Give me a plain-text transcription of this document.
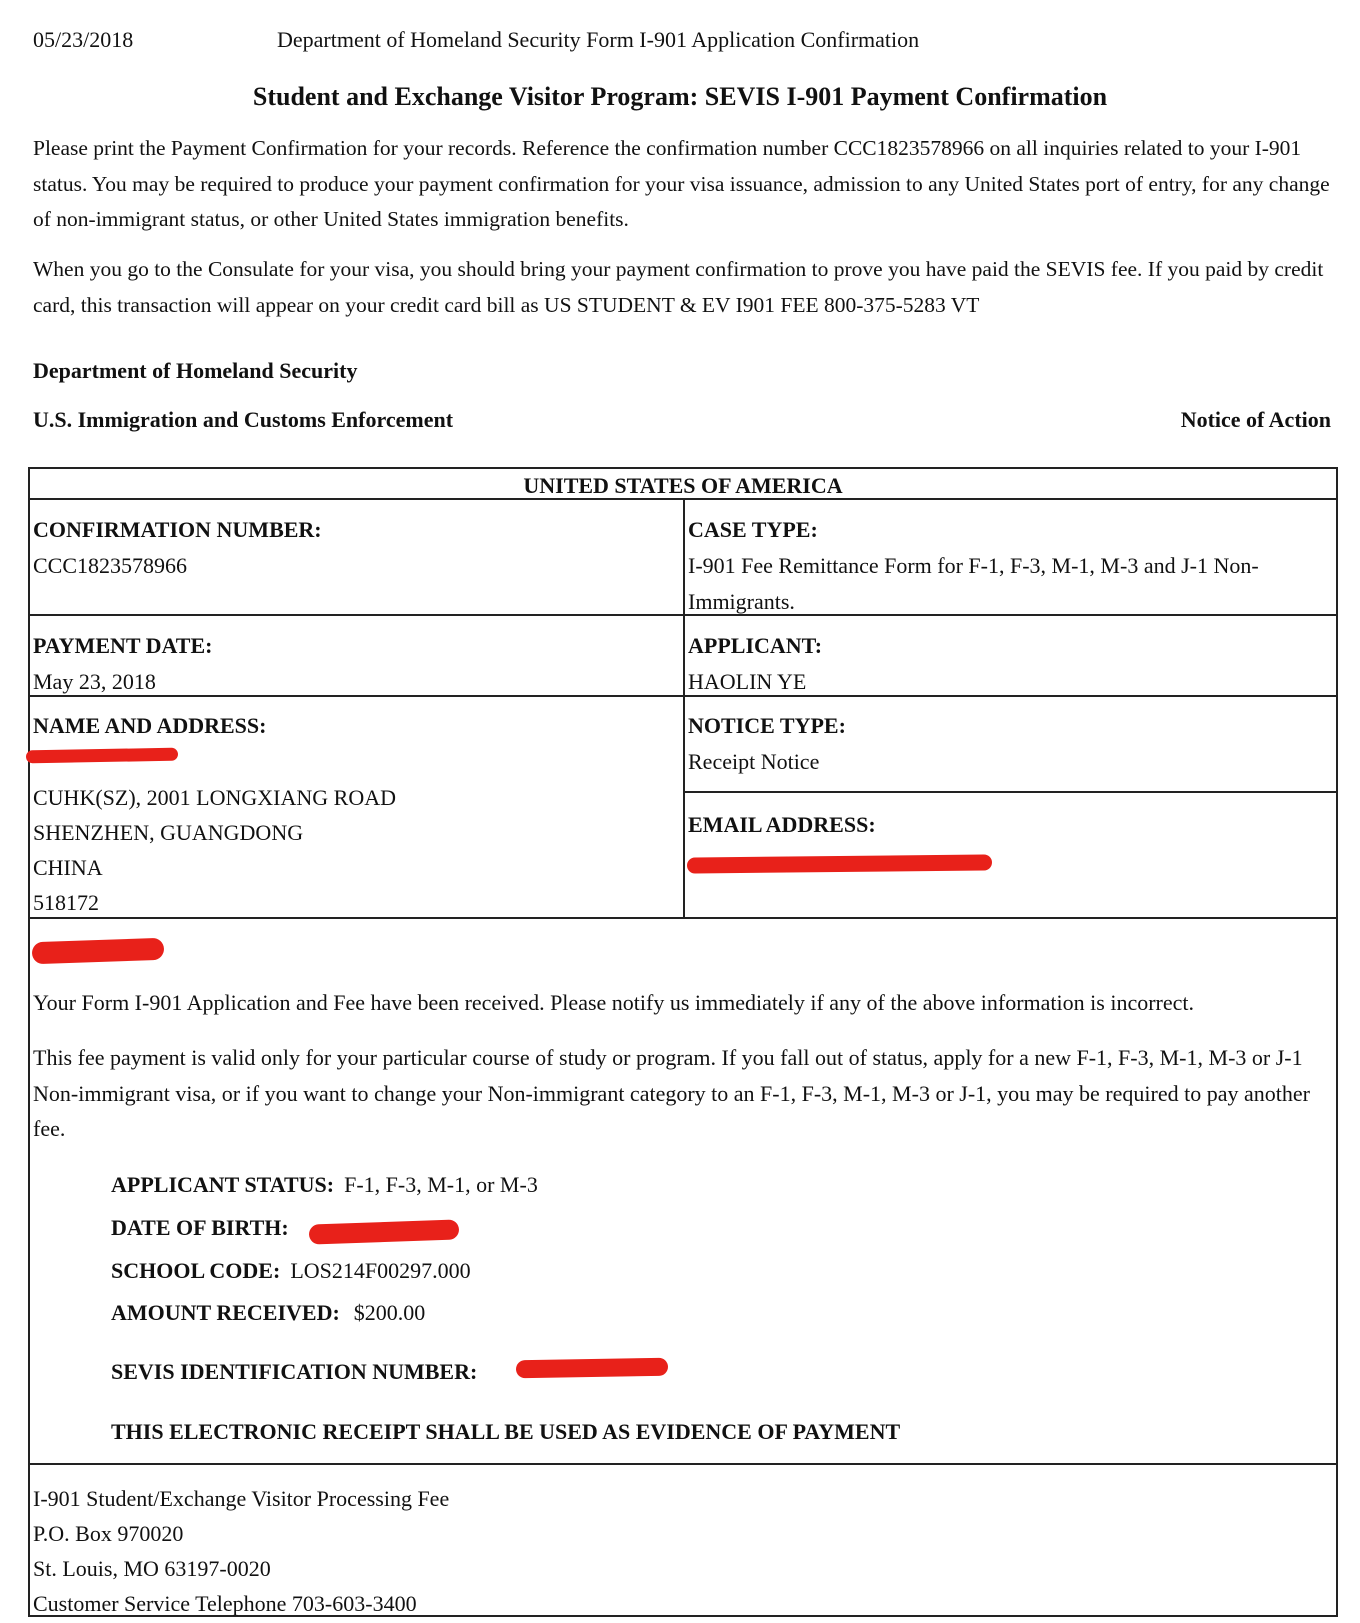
05/23/2018	Department of Homeland Security Form I-901 Application Confirmation
Student and Exchange Visitor Program: SEVIS I-901 Payment Confirmation
Please print the Payment Confirmation for your records. Reference the confirmation number CCC1823578966 on all inquiries related to your I-901 status. You may be required to produce your payment confirmation for your visa issuance, admission to any United States port of entry, for any change of non-immigrant status, or other United States immigration benefits.
When you go to the Consulate for your visa, you should bring your payment confirmation to prove you have paid the SEVIS fee. If you paid by credit card, this transaction will appear on your credit card bill as US STUDENT & EV I901 FEE 800-375-5283 VT
Department of Homeland Security
U.S. Immigration and Customs Enforcement	Notice of Action
UNITED STATES OF AMERICA
CONFIRMATION NUMBER:
CCC1823578966
CASE TYPE:
I-901 Fee Remittance Form for F-1, F-3, M-1, M-3 and J-1 Non-
Immigrants.
PAYMENT DATE:
May 23, 2018
APPLICANT:
HAOLIN YE
NAME AND ADDRESS:
CUHK(SZ), 2001 LONGXIANG ROAD
SHENZHEN, GUANGDONG
CHINA
518172
NOTICE TYPE:
Receipt Notice
EMAIL ADDRESS:
Your Form I-901 Application and Fee have been received. Please notify us immediately if any of the above information is incorrect.
This fee payment is valid only for your particular course of study or program. If you fall out of status, apply for a new F-1, F-3, M-1, M-3 or J-1 Non-immigrant visa, or if you want to change your Non-immigrant category to an F-1, F-3, M-1, M-3 or J-1, you may be required to pay another fee.
APPLICANT STATUS: F-1, F-3, M-1, or M-3
DATE OF BIRTH:
SCHOOL CODE: LOS214F00297.000
AMOUNT RECEIVED: $200.00
SEVIS IDENTIFICATION NUMBER:
THIS ELECTRONIC RECEIPT SHALL BE USED AS EVIDENCE OF PAYMENT
I-901 Student/Exchange Visitor Processing Fee
P.O. Box 970020
St. Louis, MO 63197-0020
Customer Service Telephone 703-603-3400
